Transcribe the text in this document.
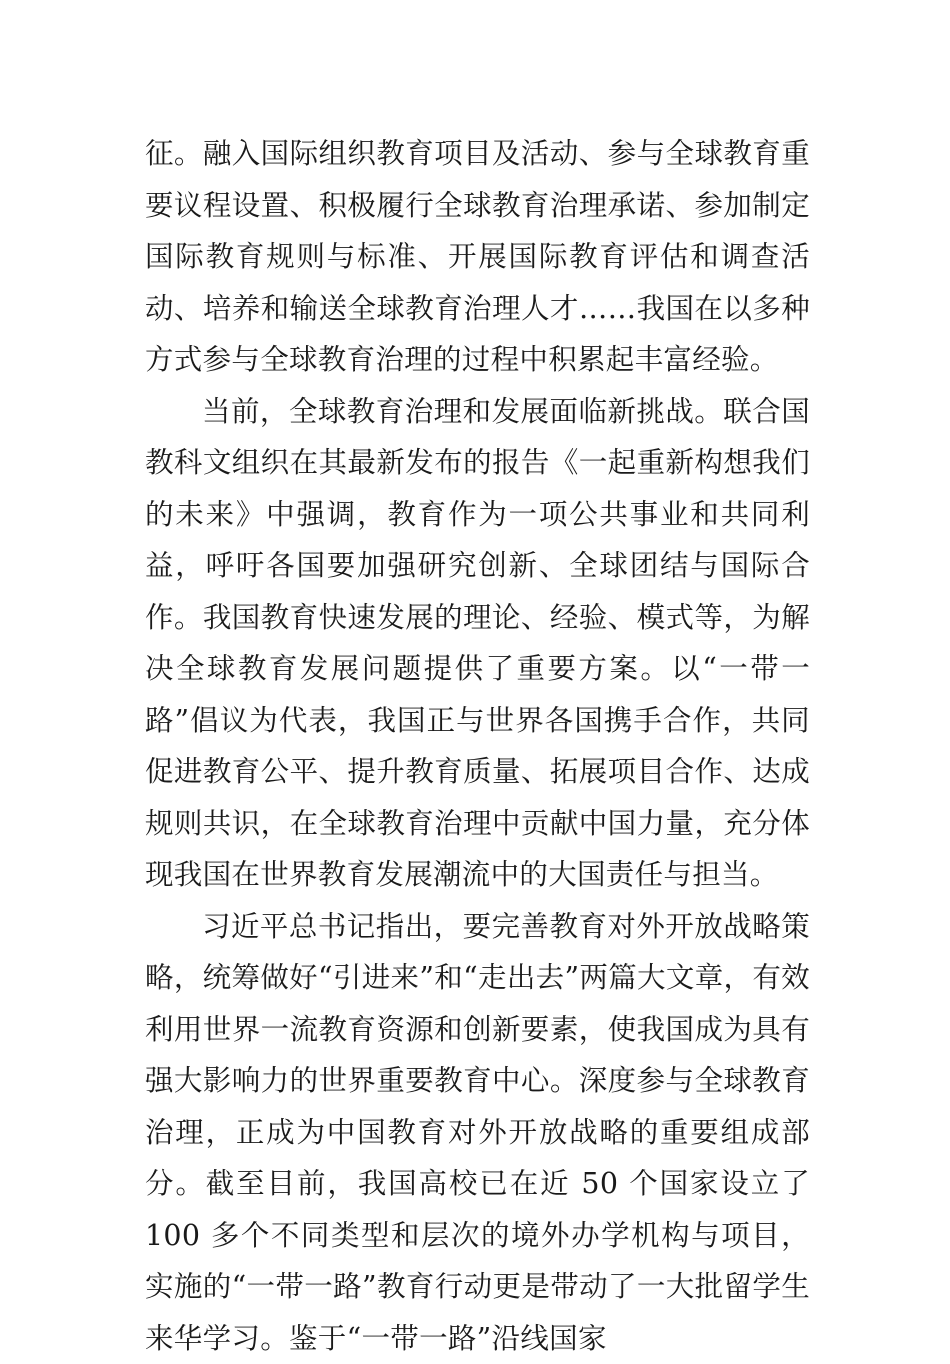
征。融入国际组织教育项目及活动、参与全球教育重要议程设置、积极履行全球教育治理承诺、参加制定国际教育规则与标准、开展国际教育评估和调查活动、培养和输送全球教育治理人才……我国在以多种方式参与全球教育治理的过程中积累起丰富经验。

当前，全球教育治理和发展面临新挑战。联合国教科文组织在其最新发布的报告《一起重新构想我们的未来》中强调，教育作为一项公共事业和共同利益，呼吁各国要加强研究创新、全球团结与国际合作。我国教育快速发展的理论、经验、模式等，为解决全球教育发展问题提供了重要方案。以“一带一路”倡议为代表，我国正与世界各国携手合作，共同促进教育公平、提升教育质量、拓展项目合作、达成规则共识，在全球教育治理中贡献中国力量，充分体现我国在世界教育发展潮流中的大国责任与担当。

习近平总书记指出，要完善教育对外开放战略策略，统筹做好“引进来”和“走出去”两篇大文章，有效利用世界一流教育资源和创新要素，使我国成为具有强大影响力的世界重要教育中心。深度参与全球教育治理，正成为中国教育对外开放战略的重要组成部分。截至目前，我国高校已在近 50 个国家设立了 100 多个不同类型和层次的境外办学机构与项目，实施的“一带一路”教育行动更是带动了一大批留学生来华学习。鉴于“一带一路”沿线国家
